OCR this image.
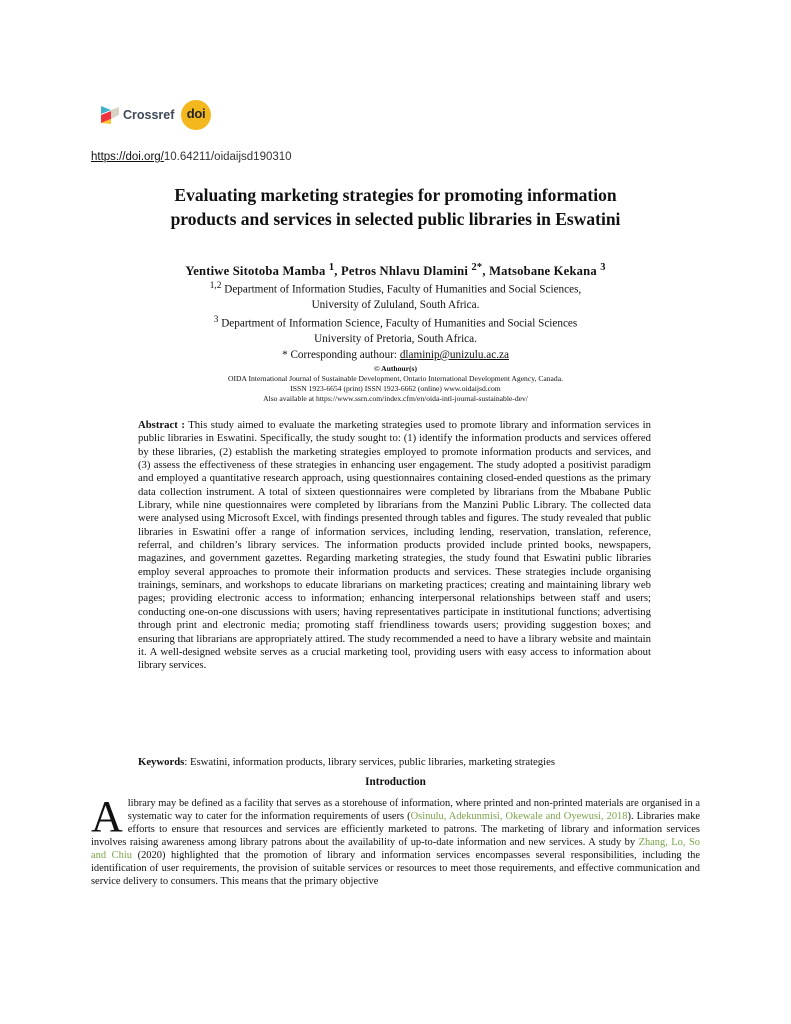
Crossref doi
https://doi.org/10.64211/oidaijsd190310
Evaluating marketing strategies for promoting information
products and services in selected public libraries in Eswatini
Yentiwe Sitotoba Mamba $^1$, Petros Nhlavu Dlamini $^{2*}$, Matsobane Kekana $^3$
$^{1,2}$ Department of Information Studies, Faculty of Humanities and Social Sciences,
University of Zululand, South Africa.
$^3$ Department of Information Science, Faculty of Humanities and Social Sciences
University of Pretoria, South Africa.
* Corresponding authour: dlaminip@unizulu.ac.za
© Authour(s)
OIDA International Journal of Sustainable Development, Ontario International Development Agency, Canada.
ISSN 1923-6654 (print) ISSN 1923-6662 (online) www.oidaijsd.com
Also available at https://www.ssrn.com/index.cfm/en/oida-intl-journal-sustainable-dev/
Abstract : This study aimed to evaluate the marketing strategies used to promote library and information services in public libraries in Eswatini. Specifically, the study sought to: (1) identify the information products and services offered by these libraries, (2) establish the marketing strategies employed to promote information products and services, and (3) assess the effectiveness of these strategies in enhancing user engagement. The study adopted a positivist paradigm and employed a quantitative research approach, using questionnaires containing closed-ended questions as the primary data collection instrument. A total of sixteen questionnaires were completed by librarians from the Mbabane Public Library, while nine questionnaires were completed by librarians from the Manzini Public Library. The collected data were analysed using Microsoft Excel, with findings presented through tables and figures. The study revealed that public libraries in Eswatini offer a range of information services, including lending, reservation, translation, reference, referral, and children’s library services. The information products provided include printed books, newspapers, magazines, and government gazettes. Regarding marketing strategies, the study found that Eswatini public libraries employ several approaches to promote their information products and services. These strategies include organising trainings, seminars, and workshops to educate librarians on marketing practices; creating and maintaining library web pages; providing electronic access to information; enhancing interpersonal relationships between staff and users; conducting one-on-one discussions with users; having representatives participate in institutional functions; advertising through print and electronic media; promoting staff friendliness towards users; providing suggestion boxes; and ensuring that librarians are appropriately attired. The study recommended a need to have a library website and maintain it. A well-designed website serves as a crucial marketing tool, providing users with easy access to information about library services.
Keywords: Eswatini, information products, library services, public libraries, marketing strategies
Introduction
A library may be defined as a facility that serves as a storehouse of information, where printed and non-printed materials are organised in a systematic way to cater for the information requirements of users (Osinulu, Adekunmisi, Okewale and Oyewusi, 2018). Libraries make efforts to ensure that resources and services are efficiently marketed to patrons. The marketing of library and information services involves raising awareness among library patrons about the availability of up-to-date information and new services. A study by Zhang, Lo, So and Chiu (2020) highlighted that the promotion of library and information services encompasses several responsibilities, including the identification of user requirements, the provision of suitable services or resources to meet those requirements, and effective communication and service delivery to consumers. This means that the primary objective
